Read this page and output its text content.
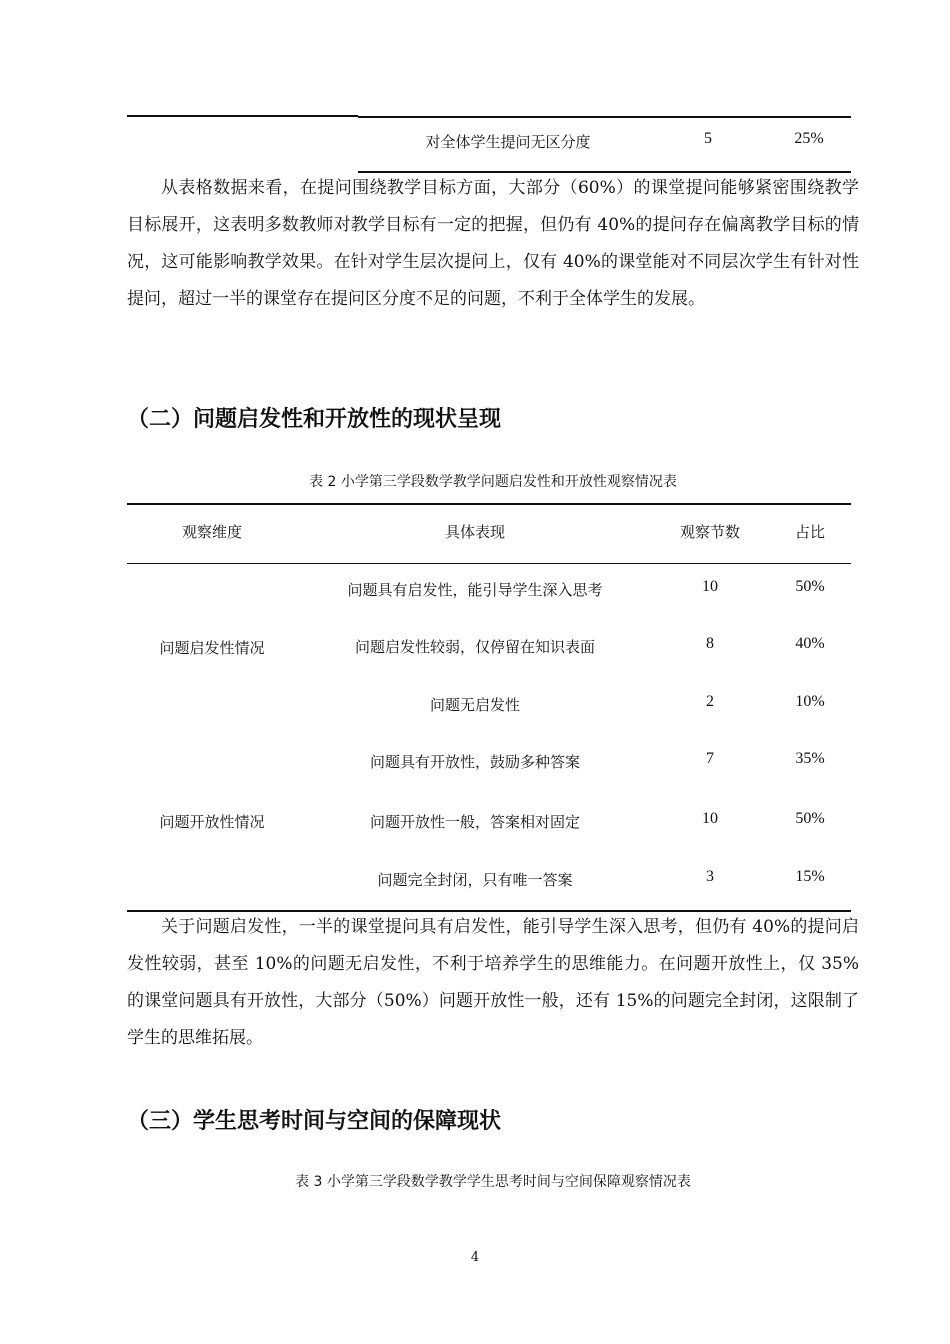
对全体学生提问无区分度	5	25%

从表格数据来看，在提问围绕教学目标方面，大部分（60%）的课堂提问能够紧密围绕教学目标展开，这表明多数教师对教学目标有一定的把握，但仍有 40%的提问存在偏离教学目标的情况，这可能影响教学效果。在针对学生层次提问上，仅有 40%的课堂能对不同层次学生有针对性提问，超过一半的课堂存在提问区分度不足的问题，不利于全体学生的发展。

（二）问题启发性和开放性的现状呈现
表 2 小学第三学段数学教学问题启发性和开放性观察情况表
观察维度	具体表现	观察节数	占比
问题启发性情况
问题具有启发性，能引导学生深入思考	10	50%
问题启发性较弱，仅停留在知识表面	8	40%
问题无启发性	2	10%
问题开放性情况
问题具有开放性，鼓励多种答案	7	35%
问题开放性一般，答案相对固定	10	50%
问题完全封闭，只有唯一答案	3	15%

关于问题启发性，一半的课堂提问具有启发性，能引导学生深入思考，但仍有 40%的提问启发性较弱，甚至 10%的问题无启发性，不利于培养学生的思维能力。在问题开放性上，仅 35%的课堂问题具有开放性，大部分（50%）问题开放性一般，还有 15%的问题完全封闭，这限制了学生的思维拓展。

（三）学生思考时间与空间的保障现状
表 3 小学第三学段数学教学学生思考时间与空间保障观察情况表
4
